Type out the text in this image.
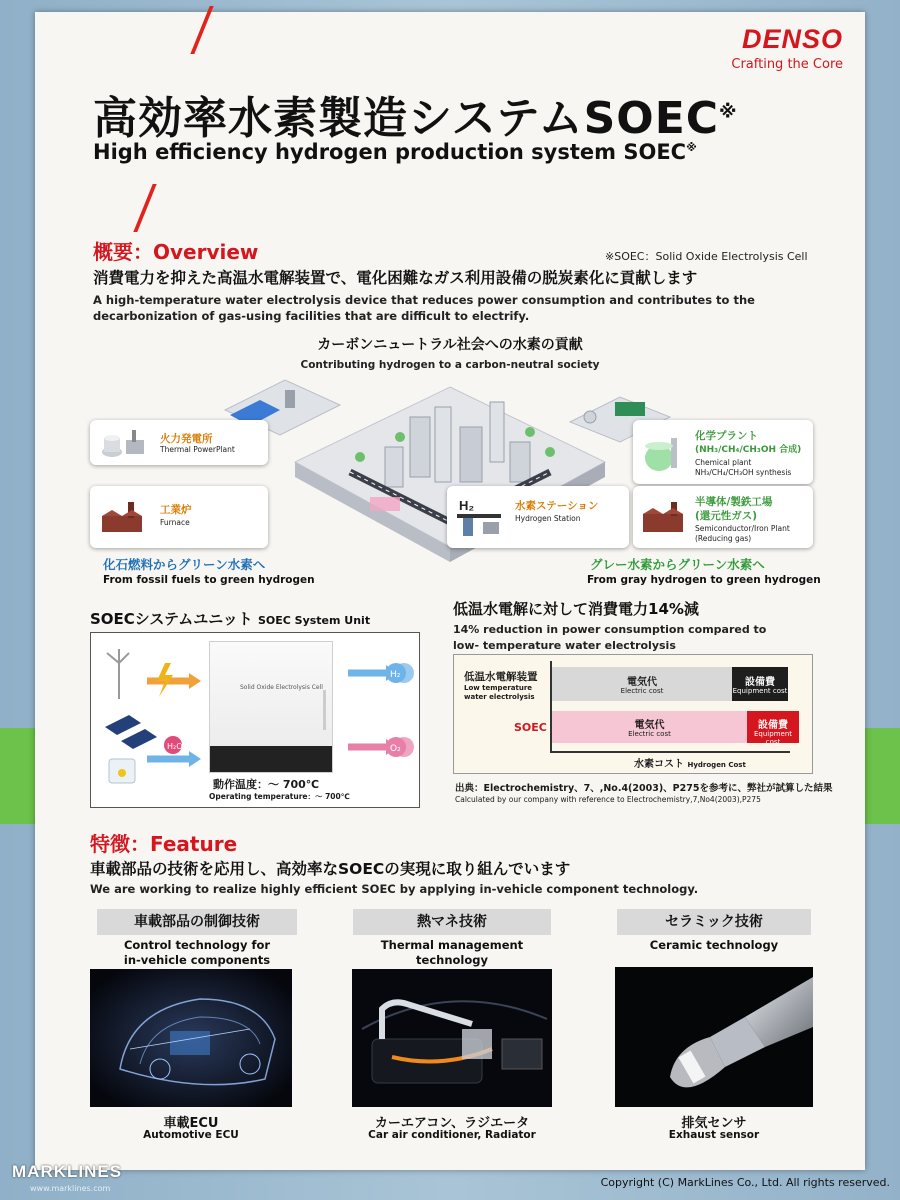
DENSO
Crafting the Core
高効率水素製造システムSOEC※
High efficiency hydrogen production system SOEC※
概要：Overview	※SOEC：Solid Oxide Electrolysis Cell
消費電力を抑えた高温水電解装置で、電化困難なガス利用設備の脱炭素化に貢献します
A high-temperature water electrolysis device that reduces power consumption and contributes to the decarbonization of gas-using facilities that are difficult to electrify.
カーボンニュートラル社会への水素の貢献
Contributing hydrogen to a carbon-neutral society
火力発電所
Thermal PowerPlant
工業炉
Furnace
H₂	水素ステーション
Hydrogen Station
化学プラント
(NH₃/CH₄/CH₃OH 合成)
Chemical plant
NH₃/CH₄/CH₃OH synthesis
半導体/製鉄工場
(還元性ガス)
Semiconductor/Iron Plant
(Reducing gas)
化石燃料からグリーン水素へ
From fossil fuels to green hydrogen
グレー水素からグリーン水素へ
From gray hydrogen to green hydrogen
SOECシステムユニット SOEC System Unit
H₂O
Solid Oxide Electrolysis Cell
H₂
O₂
動作温度：～ 700℃
Operating temperature：～ 700℃
低温水電解に対して消費電力14%減
14% reduction in power consumption compared to low- temperature water electrolysis
低温水電解装置
Low temperature water electrolysis
SOEC
電気代
Electric cost
設備費
Equipment cost
電気代
Electric cost
設備費
Equipment cost
水素コスト Hydrogen Cost
出典：Electrochemistry、7、,No.4(2003)、P275を参考に、弊社が試算した結果
Calculated by our company with reference to Electrochemistry,7,No4(2003),P275
特徴：Feature
車載部品の技術を応用し、高効率なSOECの実現に取り組んでいます
We are working to realize highly efficient SOEC by applying in-vehicle component technology.
車載部品の制御技術
Control technology for
in-vehicle components
車載ECU
Automotive ECU
熱マネ技術
Thermal management
technology
カーエアコン、ラジエータ
Car air conditioner, Radiator
セラミック技術
Ceramic technology
排気センサ
Exhaust sensor
MARKLINES
www.marklines.com	Copyright (C) MarkLines Co., Ltd. All rights reserved.
